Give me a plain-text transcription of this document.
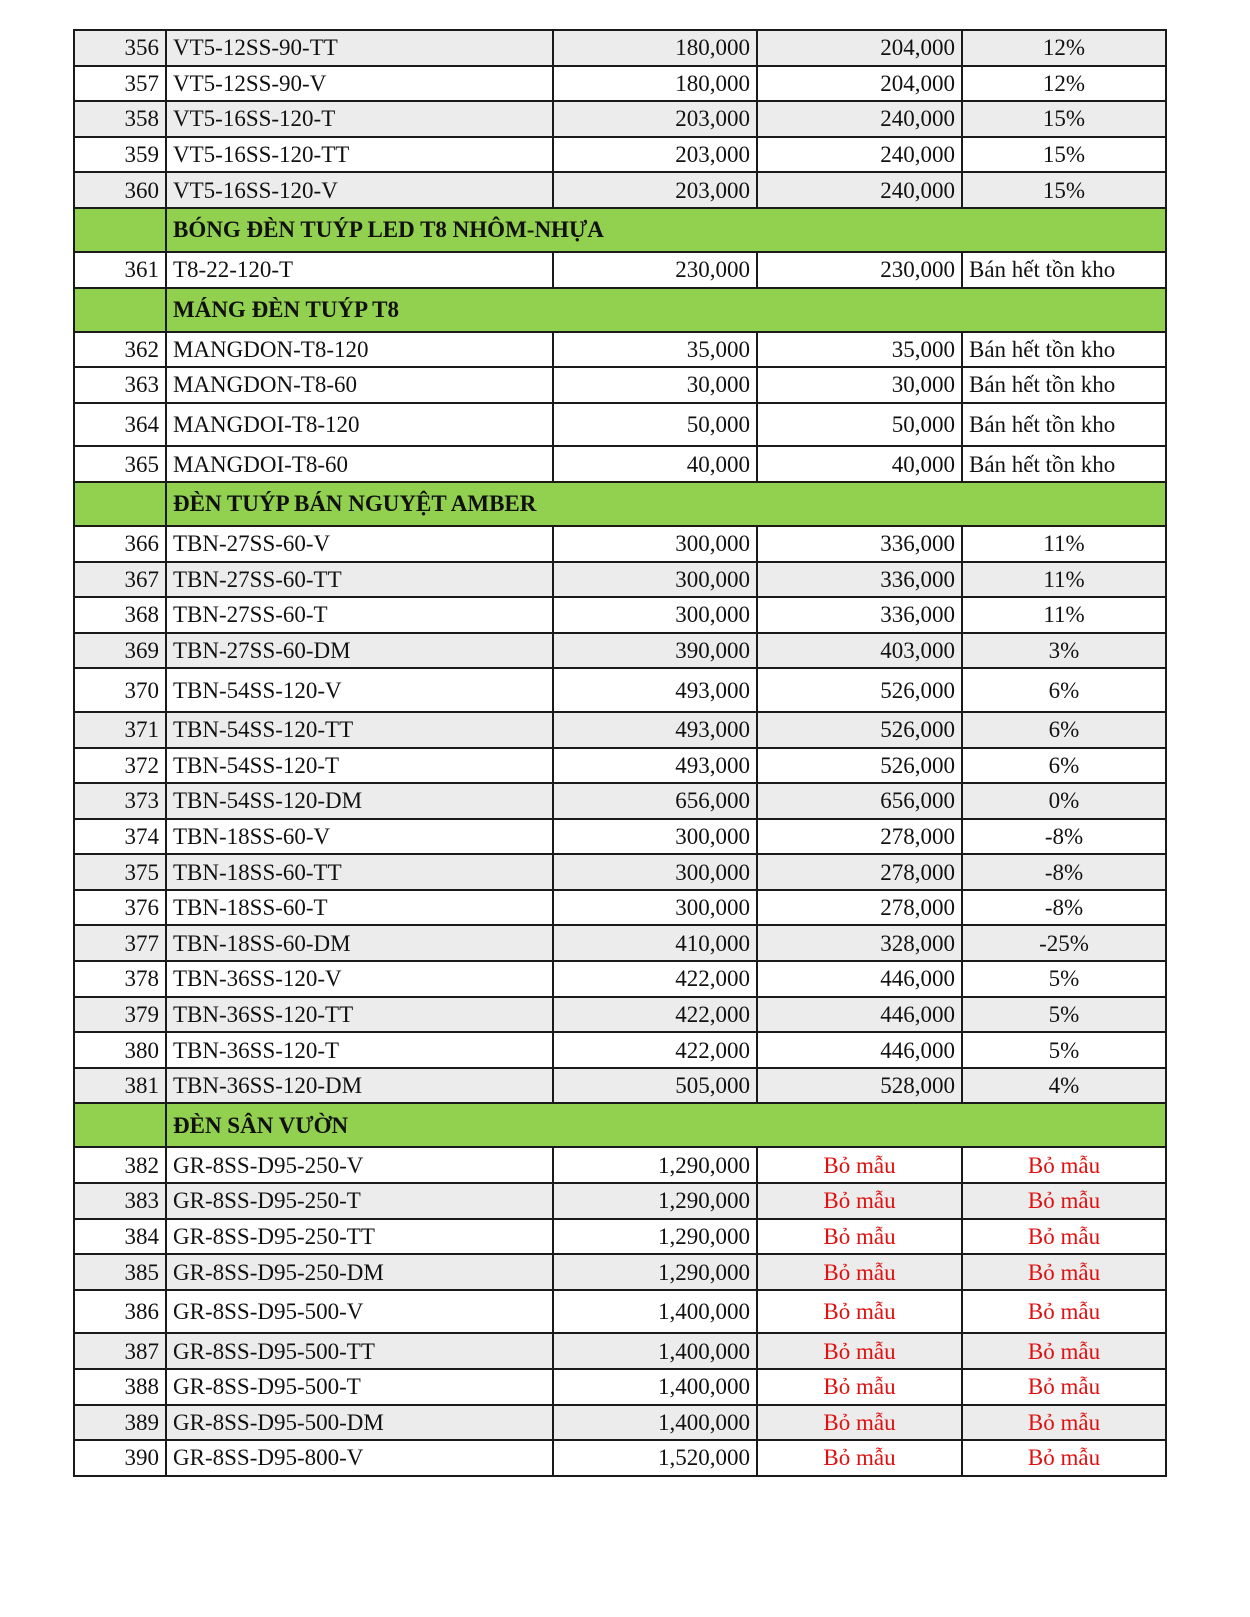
356	VT5-12SS-90-TT	180,000	204,000	12%
357	VT5-12SS-90-V	180,000	204,000	12%
358	VT5-16SS-120-T	203,000	240,000	15%
359	VT5-16SS-120-TT	203,000	240,000	15%
360	VT5-16SS-120-V	203,000	240,000	15%
	BÓNG ĐÈN TUÝP LED T8 NHÔM-NHỰA			
361	T8-22-120-T	230,000	230,000	Bán hết tồn kho
	MÁNG ĐÈN TUÝP T8			
362	MANGDON-T8-120	35,000	35,000	Bán hết tồn kho
363	MANGDON-T8-60	30,000	30,000	Bán hết tồn kho
364	MANGDOI-T8-120	50,000	50,000	Bán hết tồn kho
365	MANGDOI-T8-60	40,000	40,000	Bán hết tồn kho
	ĐÈN TUÝP BÁN NGUYỆT AMBER			
366	TBN-27SS-60-V	300,000	336,000	11%
367	TBN-27SS-60-TT	300,000	336,000	11%
368	TBN-27SS-60-T	300,000	336,000	11%
369	TBN-27SS-60-DM	390,000	403,000	3%
370	TBN-54SS-120-V	493,000	526,000	6%
371	TBN-54SS-120-TT	493,000	526,000	6%
372	TBN-54SS-120-T	493,000	526,000	6%
373	TBN-54SS-120-DM	656,000	656,000	0%
374	TBN-18SS-60-V	300,000	278,000	-8%
375	TBN-18SS-60-TT	300,000	278,000	-8%
376	TBN-18SS-60-T	300,000	278,000	-8%
377	TBN-18SS-60-DM	410,000	328,000	-25%
378	TBN-36SS-120-V	422,000	446,000	5%
379	TBN-36SS-120-TT	422,000	446,000	5%
380	TBN-36SS-120-T	422,000	446,000	5%
381	TBN-36SS-120-DM	505,000	528,000	4%
	ĐÈN SÂN VƯỜN			
382	GR-8SS-D95-250-V	1,290,000	Bỏ mẫu	Bỏ mẫu
383	GR-8SS-D95-250-T	1,290,000	Bỏ mẫu	Bỏ mẫu
384	GR-8SS-D95-250-TT	1,290,000	Bỏ mẫu	Bỏ mẫu
385	GR-8SS-D95-250-DM	1,290,000	Bỏ mẫu	Bỏ mẫu
386	GR-8SS-D95-500-V	1,400,000	Bỏ mẫu	Bỏ mẫu
387	GR-8SS-D95-500-TT	1,400,000	Bỏ mẫu	Bỏ mẫu
388	GR-8SS-D95-500-T	1,400,000	Bỏ mẫu	Bỏ mẫu
389	GR-8SS-D95-500-DM	1,400,000	Bỏ mẫu	Bỏ mẫu
390	GR-8SS-D95-800-V	1,520,000	Bỏ mẫu	Bỏ mẫu
